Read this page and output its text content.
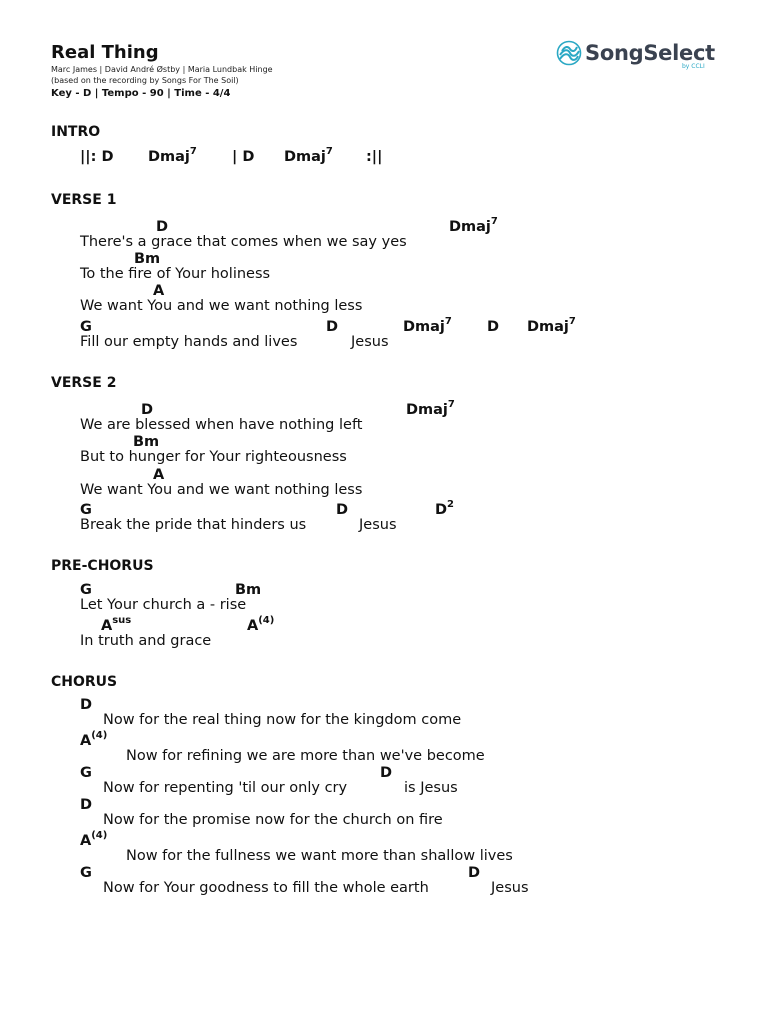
Real Thing
Marc James | David André Østby | Maria Lundbak Hinge
(based on the recording by Songs For The Soil)
Key - D | Tempo - 90 | Time - 4/4
SongSelect
by CCLI
INTRO
||: D Dmaj$^7$ | D Dmaj$^7$ :||
VERSE 1
D	Dmaj$^7$
There's a grace that comes when we say yes
Bm
To the fire of Your holiness
A
We want You and we want nothing less
G	D	Dmaj$^7$ D Dmaj$^7$
Fill our empty hands and lives	Jesus
VERSE 2
D	Dmaj$^7$
We are blessed when have nothing left
Bm
But to hunger for Your righteousness
A
We want You and we want nothing less
G	D	$D^2$
Break the pride that hinders us	Jesus
PRE-CHORUS
G	Bm
Let Your church a - rise
$A^{sus}$	$A^{(4)}$
In truth and grace
CHORUS
D
Now for the real thing now for the kingdom come
$A^{(4)}$
Now for refining we are more than we've become
G	D
Now for repenting 'til our only cry	is Jesus
D
Now for the promise now for the church on fire
$A^{(4)}$
Now for the fullness we want more than shallow lives
G	D
Now for Your goodness to fill the whole earth	Jesus
